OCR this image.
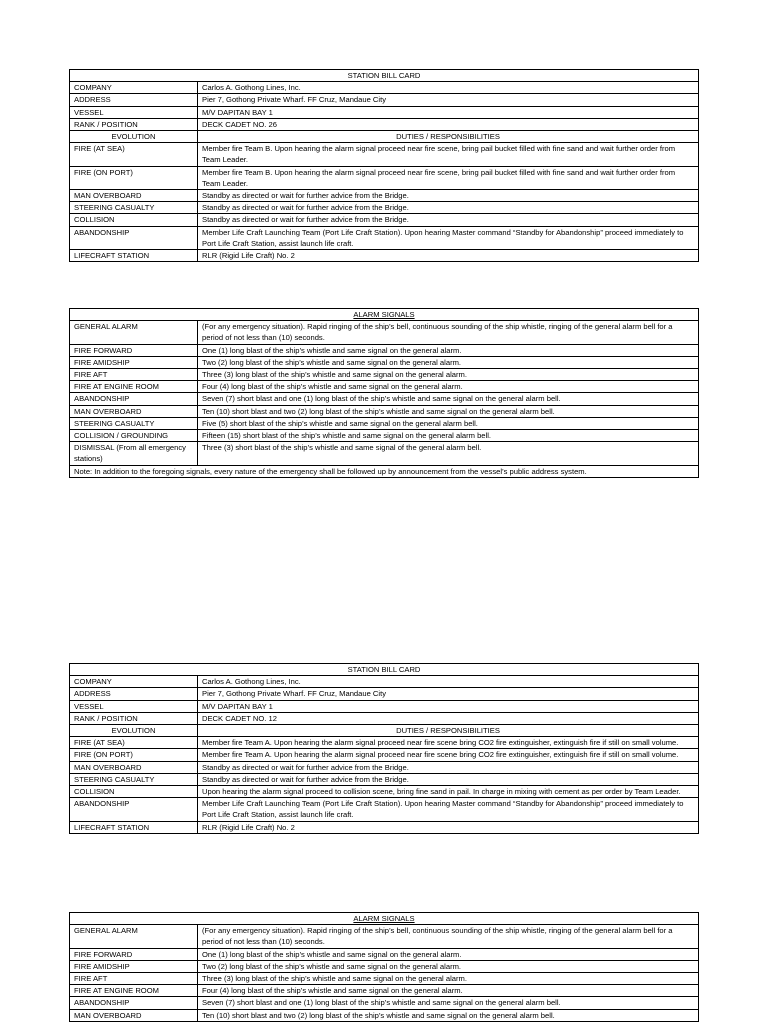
STATION BILL CARD	
COMPANY	Carlos A. Gothong Lines, Inc.
ADDRESS	Pier 7, Gothong Private Wharf. FF Cruz, Mandaue City
VESSEL	M/V DAPITAN BAY 1
RANK / POSITION	DECK CADET NO. 26
EVOLUTION	DUTIES / RESPONSIBILITIES
FIRE (AT SEA)	Member fire Team B. Upon hearing the alarm signal proceed near fire scene, bring pail bucket filled with fine sand and wait further order from Team Leader.
FIRE (ON PORT)	Member fire Team B. Upon hearing the alarm signal proceed near fire scene, bring pail bucket filled with fine sand and wait further order from Team Leader.
MAN OVERBOARD	Standby as directed or wait for further advice from the Bridge.
STEERING CASUALTY	Standby as directed or wait for further advice from the Bridge.
COLLISION	Standby as directed or wait for further advice from the Bridge.
ABANDONSHIP	Member Life Craft Launching Team (Port Life Craft Station). Upon hearing Master command “Standby for Abandonship” proceed immediately to Port Life Craft Station, assist launch life craft.
LIFECRAFT STATION	RLR (Rigid Life Craft) No. 2
ALARM SIGNALS	
GENERAL ALARM	(For any emergency situation). Rapid ringing of the ship’s bell, continuous sounding of the ship whistle, ringing of the general alarm bell for a period of not less than (10) seconds.
FIRE FORWARD	One (1) long blast of the ship’s whistle and same signal on the general alarm.
FIRE AMIDSHIP	Two (2) long blast of the ship’s whistle and same signal on the general alarm.
FIRE AFT	Three (3) long blast of the ship’s whistle and same signal on the general alarm.
FIRE AT ENGINE ROOM	Four (4) long blast of the ship’s whistle and same signal on the general alarm.
ABANDONSHIP	Seven (7) short blast and one (1) long blast of the ship’s whistle and same signal on the general alarm bell.
MAN OVERBOARD	Ten (10) short blast and two (2) long blast of the ship’s whistle and same signal on the general alarm bell.
STEERING CASUALTY	Five (5) short blast of the ship’s whistle and same signal on the general alarm bell.
COLLISION / GROUNDING	Fifteen (15) short blast of the ship’s whistle and same signal on the general alarm bell.
DISMISSAL (From all emergency stations)	Three (3) short blast of the ship’s whistle and same signal of the general alarm bell.
Note: In addition to the foregoing signals, every nature of the emergency shall be followed up by announcement from the vessel’s public address system.	
STATION BILL CARD	
COMPANY	Carlos A. Gothong Lines, Inc.
ADDRESS	Pier 7, Gothong Private Wharf. FF Cruz, Mandaue City
VESSEL	M/V DAPITAN BAY 1
RANK / POSITION	DECK CADET NO. 12
EVOLUTION	DUTIES / RESPONSIBILITIES
FIRE (AT SEA)	Member fire Team A. Upon hearing the alarm signal proceed near fire scene bring CO2 fire extinguisher, extinguish fire if still on small volume.
FIRE (ON PORT)	Member fire Team A. Upon hearing the alarm signal proceed near fire scene bring CO2 fire extinguisher, extinguish fire if still on small volume.
MAN OVERBOARD	Standby as directed or wait for further advice from the Bridge.
STEERING CASUALTY	Standby as directed or wait for further advice from the Bridge.
COLLISION	Upon hearing the alarm signal proceed to collision scene, bring fine sand in pail. In charge in mixing with cement as per order by Team Leader.
ABANDONSHIP	Member Life Craft Launching Team (Port Life Craft Station). Upon hearing Master command “Standby for Abandonship” proceed immediately to Port Life Craft Station, assist launch life craft.
LIFECRAFT STATION	RLR (Rigid Life Craft) No. 2
ALARM SIGNALS	
GENERAL ALARM	(For any emergency situation). Rapid ringing of the ship’s bell, continuous sounding of the ship whistle, ringing of the general alarm bell for a period of not less than (10) seconds.
FIRE FORWARD	One (1) long blast of the ship’s whistle and same signal on the general alarm.
FIRE AMIDSHIP	Two (2) long blast of the ship’s whistle and same signal on the general alarm.
FIRE AFT	Three (3) long blast of the ship’s whistle and same signal on the general alarm.
FIRE AT ENGINE ROOM	Four (4) long blast of the ship’s whistle and same signal on the general alarm.
ABANDONSHIP	Seven (7) short blast and one (1) long blast of the ship’s whistle and same signal on the general alarm bell.
MAN OVERBOARD	Ten (10) short blast and two (2) long blast of the ship’s whistle and same signal on the general alarm bell.
